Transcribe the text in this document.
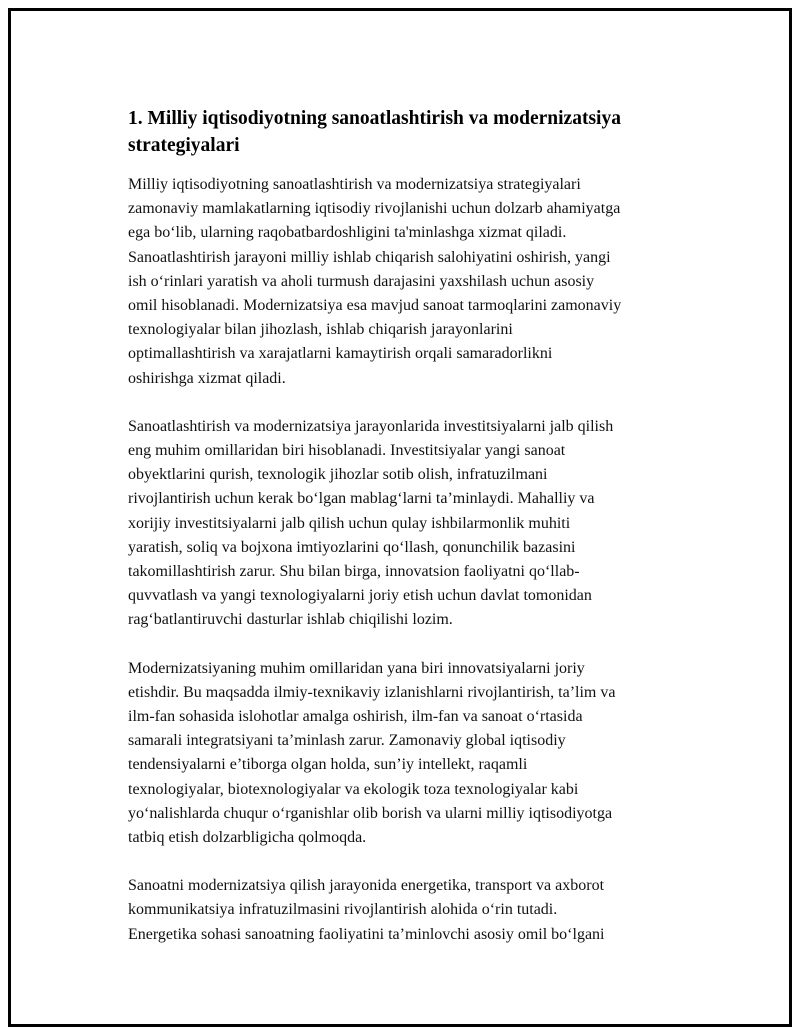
1. Milliy iqtisodiyotning sanoatlashtirish va modernizatsiya strategiyalari

Milliy iqtisodiyotning sanoatlashtirish va modernizatsiya strategiyalari
zamonaviy mamlakatlarning iqtisodiy rivojlanishi uchun dolzarb ahamiyatga
ega bo‘lib, ularning raqobatbardoshligini ta'minlashga xizmat qiladi.
Sanoatlashtirish jarayoni milliy ishlab chiqarish salohiyatini oshirish, yangi
ish o‘rinlari yaratish va aholi turmush darajasini yaxshilash uchun asosiy
omil hisoblanadi. Modernizatsiya esa mavjud sanoat tarmoqlarini zamonaviy
texnologiyalar bilan jihozlash, ishlab chiqarish jarayonlarini
optimallashtirish va xarajatlarni kamaytirish orqali samaradorlikni
oshirishga xizmat qiladi.

Sanoatlashtirish va modernizatsiya jarayonlarida investitsiyalarni jalb qilish
eng muhim omillaridan biri hisoblanadi. Investitsiyalar yangi sanoat
obyektlarini qurish, texnologik jihozlar sotib olish, infratuzilmani
rivojlantirish uchun kerak bo‘lgan mablag‘larni ta’minlaydi. Mahalliy va
xorijiy investitsiyalarni jalb qilish uchun qulay ishbilarmonlik muhiti
yaratish, soliq va bojxona imtiyozlarini qo‘llash, qonunchilik bazasini
takomillashtirish zarur. Shu bilan birga, innovatsion faoliyatni qo‘llab-
quvvatlash va yangi texnologiyalarni joriy etish uchun davlat tomonidan
rag‘batlantiruvchi dasturlar ishlab chiqilishi lozim.

Modernizatsiyaning muhim omillaridan yana biri innovatsiyalarni joriy
etishdir. Bu maqsadda ilmiy-texnikaviy izlanishlarni rivojlantirish, ta’lim va
ilm-fan sohasida islohotlar amalga oshirish, ilm-fan va sanoat o‘rtasida
samarali integratsiyani ta’minlash zarur. Zamonaviy global iqtisodiy
tendensiyalarni e’tiborga olgan holda, sun’iy intellekt, raqamli
texnologiyalar, biotexnologiyalar va ekologik toza texnologiyalar kabi
yo‘nalishlarda chuqur o‘rganishlar olib borish va ularni milliy iqtisodiyotga
tatbiq etish dolzarbligicha qolmoqda.

Sanoatni modernizatsiya qilish jarayonida energetika, transport va axborot
kommunikatsiya infratuzilmasini rivojlantirish alohida o‘rin tutadi.
Energetika sohasi sanoatning faoliyatini ta’minlovchi asosiy omil bo‘lgani
